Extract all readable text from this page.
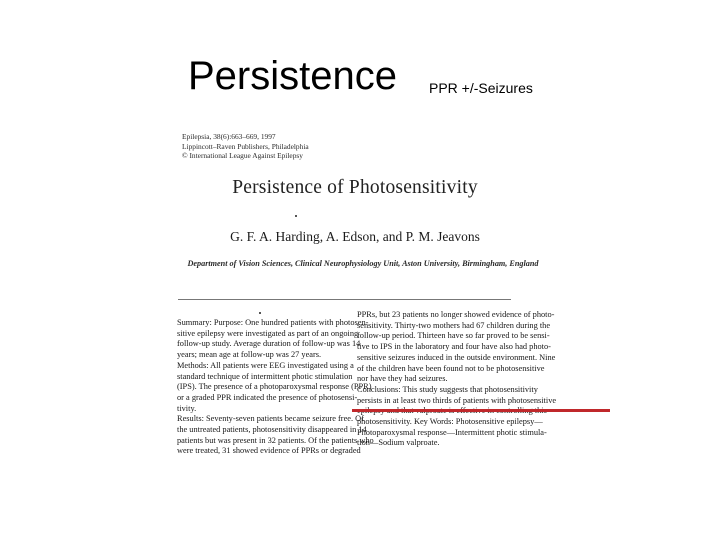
Persistence PPR +/-Seizures
Epilepsia, 38(6):663–669, 1997
Lippincott–Raven Publishers, Philadelphia
© International League Against Epilepsy
Persistence of Photosensitivity
G. F. A. Harding, A. Edson, and P. M. Jeavons
Department of Vision Sciences, Clinical Neurophysiology Unit, Aston University, Birmingham, England
Summary: Purpose: One hundred patients with photosen-
sitive epilepsy were investigated as part of an ongoing
follow-up study. Average duration of follow-up was 14
years; mean age at follow-up was 27 years.
Methods: All patients were EEG investigated using a
standard technique of intermittent photic stimulation
(IPS). The presence of a photoparoxysmal response (PPR)
or a graded PPR indicated the presence of photosensi-
tivity.
Results: Seventy-seven patients became seizure free. Of
the untreated patients, photosensitivity disappeared in 14
patients but was present in 32 patients. Of the patients who
were treated, 31 showed evidence of PPRs or degraded
PPRs, but 23 patients no longer showed evidence of photo-
sensitivity. Thirty-two mothers had 67 children during the
follow-up period. Thirteen have so far proved to be sensi-
tive to IPS in the laboratory and four have also had photo-
sensitive seizures induced in the outside environment. Nine
of the children have been found not to be photosensitive
nor have they had seizures.
Conclusions: This study suggests that photosensitivity
persists in at least two thirds of patients with photosensitive
photosensitivity. Key Words: Photosensitive epilepsy—
Photoparoxysmal response—Intermittent photic stimula-
tion—Sodium valproate.
